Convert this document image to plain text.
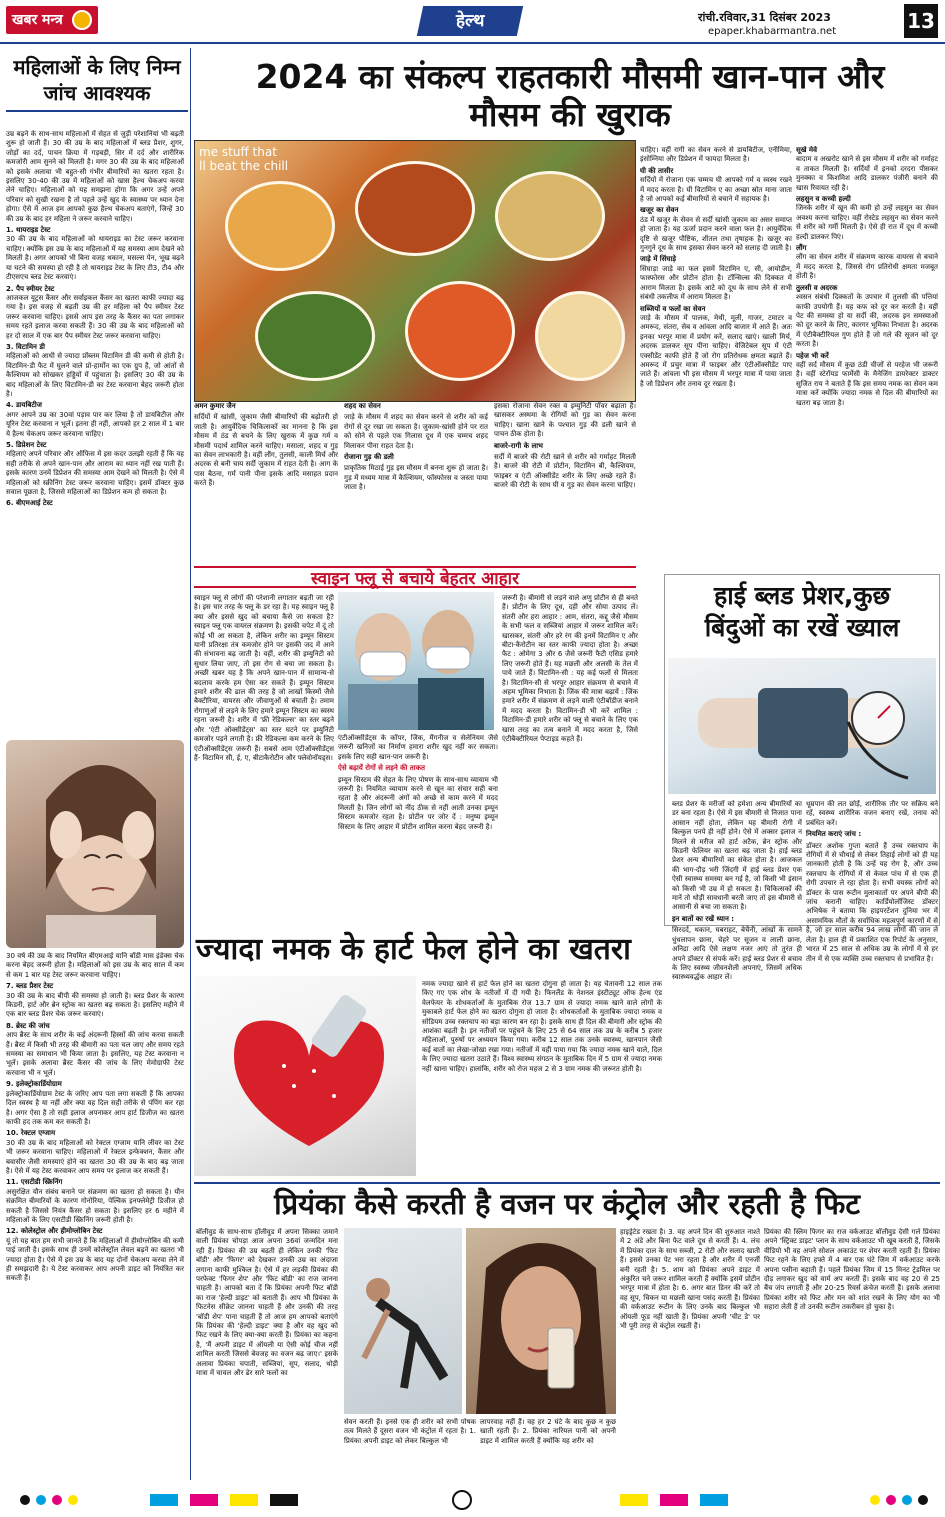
खबर मन्त्र	हेल्थ	रांची.रविवार,31 दिसंबर 2023
epaper.khabarmantra.net	13
महिलाओं के लिए निम्न जांच आवश्यक

उम्र बढ़ने के साथ-साथ महिलाओं में सेहत से जुड़ी परेशानियां भी बढ़ती शुरू हो जाती हैं। 30 की उम्र के बाद महिलाओं में ब्लड प्रैशर, शुगर, जोड़ों का दर्द, पाचन क्रिया में गड़बड़ी, सिर में दर्द और शारीरिक कमजोरी आम सुनने को मिलती है। मगर 30 की उम्र के बाद महिलाओं को इसके अलावा भी बहुत-सी गंभीर बीमारियों का खतरा रहता है। इसलिए 30-40 की उम्र में महिलाओं को खास हैल्थ चेकअप करवा लेने चाहिए। महिलाओं को यह समझना होगा कि अगर उन्हें अपने परिवार को सुखी रखना है तो पहले उन्हें खुद के स्वास्थ्य पर ध्यान देना होगा। ऐसे में आज हम आपको कुछ हैल्थ चेकअप बताएंगे, जिन्हें 30 की उम्र के बाद हर महिला ने जरूर करवाने चाहिए।

1. थायराइड टेस्ट
30 की उम्र के बाद महिलाओं को थायराइड का टेस्ट जरूर करवाना चाहिए। क्योंकि इस उम्र के बाद महिलाओं में यह समस्या आम देखने को मिलती है। अगर आपको भी बिना वजह थकान, मसल्स पेन, भूख बढ़ने या घटने की समस्या हो रही है तो थायराइड टेस्ट के लिए टी3, टी4 और टीएसएच ब्लड टेस्ट करवाएं।

2. पैप स्मीयर टेस्ट
आजकल यूट्रस कैंसर और सर्वाइकल कैंसर का खतरा काफी ज्यादा बढ़ गया है। इस वजह से बढ़ती उम्र की हर महिला को पैप स्मीयर टेस्ट जरूर करवाना चाहिए। इससे आप इस तरह के कैंसर का पता लगाकर समय रहते इलाज करवा सकती हैं। 30 की उम्र के बाद महिलाओं को हर दो साल में एक बार पैप स्मीयर टेस्ट जरूर करवाना चाहिए।

3. विटामिन डी
महिलाओं को आधी से ज्यादा प्रॉब्लम विटामिन डी की कमी से होती है। विटामिन-डी फैट में घुलने वाले प्रो-हार्मोन का एक ग्रुप है, जो आंतों से कैल्शियम को सोखकर हड्डियों में पहुंचाता है। इसलिए 30 की उम्र के बाद महिलाओं के लिए विटामिन-डी का टेस्ट करवाना बेहद जरूरी होता है।

4. डायबिटीज
अगर आपने उम्र का 30वां पड़ाव पार कर लिया है तो डायबिटीज और यूरिन टेस्ट करवाना न भूलें। इतना ही नहीं, आपको हर 2 साल में 1 बार ये हैल्थ चेकअप जरूर करवाना चाहिए।

5. डिप्रेशन टेस्ट
महिलाएं अपने परिवार और ऑफिस में इस कदर उलझी रहती हैं कि वह सही तरीके से अपने खान-पान और आराम का ध्यान नहीं रख पाती हैं। इसके कारण उनमें डिप्रेशन की समस्या आम देखने को मिलती है। ऐसे में महिलाओं को स्क्रीनिंग टेस्ट जरूर करवाना चाहिए। इसमें डॉक्टर कुछ सवाल पूछता है, जिससे महिलाओं का डिप्रेशन कम हो सकता है।

6. बीएमआई टेस्ट

30 वर्ष की उम्र के बाद नियमित बीएमआई यानि बॉडी मास इंडेक्स चेक करना बेहद जरूरी होता है। महिलाओं को इस उम्र के बाद साल में कम से कम 1 बार यह टेस्ट जरूर करवाना चाहिए।

7. ब्लड प्रैशर टेस्ट
30 की उम्र के बाद बीपी की समस्या हो जाती है। ब्लड प्रैशर के कारण किडनी, हार्ट और ब्रेन स्ट्रोक का खतरा बढ़ सकता है। इसलिए महीने में एक बार ब्लड प्रैशर चेक जरूर करवाएं।

8. ब्रेस्ट की जांच
आप ब्रैस्ट के साथ शरीर के कई अंदरूनी हिस्सों की जांच करवा सकती हैं। ब्रैस्ट में किसी भी तरह की बीमारी का पता चल जाए और समय रहते समस्या का समाधान भी किया जाता है। इसलिए, यह टेस्ट करवाना न भूलें। इसके अलावा ब्रैस्ट कैंसर की जांच के लिए मेमोग्राफी टेस्ट करवाना भी न भूलें।

9. इलेक्ट्रोकार्डियोग्राम
इलेक्ट्रोकार्डियोग्राम टेस्ट के जरिए आप पता लगा सकती हैं कि आपका दिल स्वस्थ है या नहीं और क्या वह दिल सही तरीके से पंपिंग कर रहा है। अगर ऐसा है तो सही इलाज अपनाकर आप हार्ट डिजीज का खतरा काफी हद तक कम कर सकती है।

10. रेक्टल एग्जाम
30 की उम्र के बाद महिलाओं को रेक्टल एग्जाम यानि लीवर का टेस्ट भी जरूर करवाना चाहिए। महिलाओं में रेक्टल इन्फेक्शन, कैंसर और बवासीर जैसी समस्याएं होने का खतरा 30 की उम्र के बाद बढ़ जाता है। ऐसे में यह टेस्ट करवाकर आप समय पर इलाज कर सकती हैं।

11. एसटीडी स्क्रिनिंग
असुरक्षित यौन संबंध बनाने पर संक्रमण का खतरा हो सकता है। यौन संक्रमित बीमारियों के कारण गोनोरिया, पेल्विक इनफ्लेमेट्री डिजीज हो सकती है जिससे नियंत्र कैंसर हो सकता है। इसलिए हर 6 महीने में महिलाओं के लिए एसटीडी स्क्रिनिंग जरूरी होती है।

12. कोलेस्ट्रोल और हीमोग्लोबिन टेस्ट
यूं तो यह बात हम सभी जानते हैं कि महिलाओं में हीमोग्लोबिन की कमी पाई जाती है। इसके साथ ही उनमें कोलेस्ट्रॉल लेवल बढ़ने का खतरा भी ज्यादा होता है। ऐसे में इस उम्र के बाद यह दोनों चेकअप करवा लेने में ही समझदारी है। ये टेस्ट करवाकर आप अपनी डाइट को नियंत्रित कर सकती हैं।

2024 का संकल्प राहतकारी मौसमी खान-पान और
मौसम की खुराक
me stuff that
ll beat the chill

अमन कुमार जैन

सर्दियों में खांसी, जुकाम जैसी बीमारियों की बढ़ोतरी हो जाती है। आयुर्वेदिक चिकित्सकों का मानना है कि इस मौसम में ठंड से बचने के लिए खुराक में कुछ गर्म व मौसमी पदार्थ शामिल करने चाहिए। मसाला, शहद व गुड़ का सेवन लाभकारी है। वहीं लौंग, तुलसी, काली मिर्च और अदरक से बनी चाय सर्दी जुकाम में राहत देती है। आग के पास बैठना, गर्म पानी पीना इसके आदि मसाहत प्रदान करते हैं।

शहद का सेवन

जाड़े के मौसम में शहद का सेवन करने से शरीर को कई रोगों से दूर रखा जा सकता है। जुकाम-खांसी होने पर रात को सोने से पहले एक गिलास दूध में एक चम्मच शहद मिलाकर पीना राहत देता है।

रोजाना गुड़ की डली

प्राकृतिक मिठाई गुड़ इस मौसम में बनना शुरू हो जाता है। गुड़ में मध्यम मात्रा में कैल्शियम, फॉस्फोरस व जस्ता पाया जाता है।

इसका रोजाना सेवन रक्त व इम्युनिटी पॉवर बढ़ाता है। खासकर अस्थमा के रोगियों को गुड़ का सेवन करना चाहिए। खाना खाने के पश्चात गुड़ की डली खाने से पाचन ठीक होता है।

बाजरे-रागी के लाभ

सर्दी में बाजरे की रोटी खाने से शरीर को गर्माहट मिलती है। बाजरे की रोटी में प्रोटीन, विटामिन बी, कैल्शियम, फाइबर व एंटी ऑक्सीडेंट शरीर के लिए अच्छे रहते हैं। बाजरे की रोटी के साथ घी व गुड़ का सेवन करना चाहिए।

चाहिए। वहीं रागी का सेवन करने से डायबिटीज, एनीमिया, इंसोम्निया और डिप्रेशन में फायदा मिलता है।

घी की तासीर
सर्दियों में रोजाना एक चम्मच घी आपको गर्म व स्वस्थ रखने में मदद करता है। घी विटामिन ए का अच्छा स्रोत माना जाता है जो आपको कई बीमारियों से बचाने में सहायक है।

खजूर का सेवन
ठंड में खजूर के सेवन से सर्दी खांसी जुकाम का असर समाप्त हो जाता है। यह ऊर्जा प्रदान करने वाला फल है। आयुर्वेदिक दृष्टि से खजूर पौष्टिक, शीतल तथा तृषाहक है। खजूर का गुनगुने दूध के साथ इसका सेवन करने को सलाह दी जाती है।

जाड़े में सिंघाड़े
सिंघाड़ा जाड़े का फल इसमें विटामिन ए, सी, आयोडीन, फास्फोरस और प्रोटीन होता है। टॉन्सिल्स की दिक्कत में आराम मिलता है। इसके आटे को दूध के साथ लेने से सभी संबंधी तकलीफ में आराम मिलता है।

सब्जियों व फलों का सेवन
जाड़े के मौसम में पालक, मेथी, मूली, गाजर, टमाटर व अमरूद, संतरा, सेब व आंवला आदि बाजार में आते हैं। अतः इनका भरपूर मात्रा में प्रयोग करें, सलाद खाएं। खाली मिर्च, अदरक डालकर सूप पीना चाहिए। वेजिटेबल सूप में एंटी एक्सीडेंट काफी होते हैं जो रोग प्रतिरोधक क्षमता बढ़ाते हैं। अमरूद में प्रचुर मात्रा में फाइबर और एंटीऑक्सीडेंट पाए जाते हैं। आंवला भी इस मौसम में भरपूर मात्रा में पाया जाता है जो डिप्रेशन और तनाव दूर रखता है।

सूखे मेवे
बादाम व अखरोट खाने से इस मौसम में शरीर को गर्माहट व ताकत मिलती है। सर्दियों में इनको दरदरा पीसकर मुनक्का व किशमिश आदि डालकर पंजीरी बनाने की खास रिवायत रही है।

लहसुन व कच्ची हल्दी
जिनके शरीर में खून की कमी हो उन्हें लहसुन का सेवन अवश्य करना चाहिए। वहीं रोस्टेड लहसुन का सेवन करने से शरीर को गर्मी मिलती है। ऐसे ही रात में दूध में कच्ची हल्दी डालकर पिएं।

लौंग
लौंग का सेवन शरीर में संक्रमण कारक वायरस से बचाने में मदद करता है, जिससे रोग प्रतिरोधी क्षमता मजबूत होती है।

तुलसी व अदरक
श्वसन संबंधी दिक्कतों के उपचार में तुलसी की पत्तियां काफी उपयोगी हैं। यह कफ को दूर कर करती है। वहीं पेट की समस्या हो या सर्दी की, अदरक इन समस्याओं को दूर करने के लिए, कारगर भूमिका निभाता है। अदरक में एंटीबैक्टीरियल गुण होते हैं जो गले की सूजन को दूर करता है।

पहेज भी करें
वहीं सर्द मौसम में कुछ ठंडी चीजों से परहेज भी जरूरी है। वहीं स्टेरॉयड फार्मेसी के मैनेजिंग डायरेक्टर डाक्टर सुजित राय ने बताते हैं कि इस समय नमक का सेवन कम मात्रा करें क्योंकि ज्यादा नमक से दिल की बीमारियों का खतरा बढ़ जाता है।

स्वाइन फ्लू से बचाये बेहतर आहार

स्वाइन फ्लू से लोगों की परेशानी लगातार बढ़ती जा रही है। इस चार तरह के फ्लू के डर रहा है। यह स्वाइन फ्लू है क्या और इससे खुद को बचाया कैसे जा सकता है? स्वाइन फ्लू एक वायरल संक्रमण है। इसकी चपेट में दूं तो कोई भी आ सकता है, लेकिन शरीर का इम्यून सिस्टम यानी प्रतिरक्षा तंत्र कमजोर होने पर इसकी जद में आने की संभावना बढ़ जाती है। वहीं, शरीर की इम्युनिटी को सुधार लिया जाए, तो इस रोग से बचा जा सकता है। अच्छी खबर यह है कि अपने खान-पान में सामान्य-से बदलाव करके हम ऐसा कर सकते हैं। इम्यून सिस्टम हमारे शरीर की ढाल की तरह है जो लाखों किस्मों जैसे बैक्टीरिया, वायरस और जीवाणुओं से बचाती है। तमाम रोगाणुओं से लड़ने के लिए हमारे इम्यून सिस्टम का स्वस्थ रहना जरूरी है। शरीर में 'फ्री रेडिकल्स' का स्तर बढ़ने और 'एंटी ऑक्सीडेंट्स' का स्तर घटने पर इम्युनिटी कमजोर पड़ने लगती है। फ्री रेडिकल्स कम करने के लिए एंटीऑक्सीडेंट्स जरूरी हैं। सबसे आम एंटीऑक्सीडेंट्स हैं- विटामिन सी, ई, ए, बीटाकैरोटीन और फ्लेवोनॉयड्स।

एंटीऑक्सीडेंट्स के कॉपर, जिंक, मैंगनीज व सेलेनियम जैसे जरूरी खनिजों का निर्माण हमारा शरीर खुद नहीं कर सकता। इसके लिए सही खान-पान जरूरी है।

ऐसे बढ़ायें रोगों से लड़ने की ताकत

इम्यून सिस्टम की सेहत के लिए पोषण के साथ-साथ व्यायाम भी जरूरी है। नियमित व्यायाम करने से खून का संचार सही बना रहता है और अंदरूनी अंगों को अच्छे से काम करने में मदद मिलती है। जिन लोगों को नींद ठीक से नहीं आती उनका इम्यून सिस्टम कमजोर रहता है। प्रोटीन पर जोर दें : मनुष्य इम्यून सिस्टम के लिए आहार में प्रोटीन शामिल करना बेहद जरूरी है।

जरूरी है। बीमारी से लड़ने वाले अणु प्रोटीन से ही बनते हैं। प्रोटीन के लिए दूध, दही और सोया उत्पाद लें। संतरी और हरा आहार : आम, संतरा, कद्दू जैसे मौसम के सभी फल व सब्जियां आहार में जरूर शामिल करें। खासकर, संतरी और हरे रंग की इनमें विटामिन ए और बीटा-कैरोटीन का स्तर काफी ज्यादा होता है। अच्छा फैट : ओमेगा 3 और 6 जैसे जरूरी फैटी एसिड हमारे लिए जरूरी होते हैं। यह मछली और अलसी के तेल में पाये जाते हैं। विटामिन-सी : यह कई फलों से मिलता है। विटामिन-सी से भरपूर आहार संक्रमण से बचाने में अहम भूमिका निभाता है। जिंक की मात्रा बढ़ायें : जिंक हमारे शरीर में संक्रमण से लड़ने वाली एंटीबॉडीज बनाने में मदद करता है। विटामिन-डी भी करें शामिल : विटामिन-डी हमारे शरीर को फ्लू से बचाने के लिए एक खास तरह का तत्व बनाने में मदद करता है, जिसे एंटीबैक्टीरियल पेप्टाइड कहते हैं।

हाई ब्लड प्रेशर,कुछ
बिंदुओं का रखें ख्याल

ब्लड प्रेशर के मरीजों को हमेशा अन्य बीमारियों का डर बना रहता है। ऐसे में इस बीमारी से निजात पाना आसान नहीं होता, लेकिन यह बीमारी रोगी में बिल्कुल पनपे ही नहीं होने। ऐसे में अक्सर इलाज न मिलने से मरीज को हार्ट अटैक, ब्रेन स्ट्रोक और किडनी फेलियर का खतरा बढ़ जाता है। हाई ब्लड प्रेशर अन्य बीमारियों का संकेत होता है। आजकल की भाग-दौड़ भरी जिंदगी में हाई ब्लड प्रेशर एक ऐसी स्वास्थ्य समस्या बन गई है, जो किसी भी इंसान को किसी भी उम्र में हो सकता है। चिकित्सकों की मानें तो थोड़ी सावधानी बरती जाए तो इस बीमारी से आसानी से बचा जा सकता है।

इन बातों का रखें ध्यान :

सिरदर्द, थकान, घबराहट, बेचैनी, आंखों के सामने धुंधलापन छाना, चेहरे पर सूजन व लाली छाना, अनिद्रा आदि ऐसे लक्षण नजर आएं तो तुरंत ही अपने डॉक्टर से संपर्क करें। हाई ब्लड प्रेशर से बचाव के लिए स्वस्थ्य जीवनशैली अपनाएं, जिसमें अधिक स्वास्थ्यवर्द्धक आहार लें।

धूम्रपान की लत छोड़ें, शारीरिक तौर पर सक्रिय बने रहें, स्वस्थ्य शारीरिक वजन बनाए रखें, तनाव को प्रबंधित करें।

नियमित कराएं जांच :

डॉक्टर अशोक गुप्ता बताते हैं उच्च रक्तचाप के रोगियों में से चौथाई से लेकर तिहाई लोगों को ही यह जानकारी होती है कि उन्हें यह रोग है, और उच्च रक्तचाप के रोगियों में से केवल पांच में से एक ही रोगी उपचार ले रहा होता है। सभी वयस्क लोगों को डॉक्टर के पास रूटीन मुलाकातों पर अपने बीपी की जांच करानी चाहिए। कार्डियोलॉजिस्ट डॉक्टर अभिषेक ने बताया कि हाइपरटेंशन दुनिया भर में असामयिक मौतों के सर्वाधिक महत्वपूर्ण कारणों में से है, जो हर साल करीब 94 लाख लोगों की जान ले लेता है। हाल ही में प्रकाशित एक रिपोर्ट के अनुसार, भारत में 25 साल से अधिक उम्र के लोगों में से हर तीन में से एक व्यक्ति उच्च रक्तचाप से प्रभावित है।

ज्यादा नमक के हार्ट फेल होने का खतरा

नमक ज्यादा खाने से हार्ट फेल होने का खतरा दोगुना हो जाता है। यह चेतावनी 12 साल तक किए गए एक शोध के नतीजों में दी गयी है। फिनलैंड के नेशनल इंस्टीट्यूट ऑफ हेल्थ एंड वेलफेयर के शोधकर्ताओं के मुताबिक रोज 13.7 ग्राम से ज्यादा नमक खाने वाले लोगों के मुकाबले हार्ट फेल होने का खतरा दोगुना हो जाता है। शोधकर्ताओं के मुताबिक ज्यादा नमक व सोडियम उच्च रक्तचाप का बड़ा कारण बन रहा है। इसके साथ ही दिल की बीमारी और स्ट्रोक की आशंका बढ़ती है। इन नतीजों पर पहुंचने के लिए 25 से 64 साल तक उम्र के करीब 5 हजार महिलाओं, पुरुषों पर अध्ययन किया गया। करीब 12 साल तक उनके स्वास्थ्य, खानपान जैसी कई बातों का लेखा-जोखा रखा गया। नतीजों में यही पाया गया कि ज्यादा नमक खाने वाले, दिल के लिए ज्यादा खतरा उठाते हैं। विश्व स्वास्थ्य संगठन के मुताबिक दिन में 5 ग्राम से ज्यादा नमक नहीं खाना चाहिए। हालांकि, शरीर को रोज महज 2 से 3 ग्राम नमक की जरूरत होती है।

प्रियंका कैसे करती है वजन पर कंट्रोल और रहती है फिट

बॉलीवुड के साथ-साथ हॉलीवुड में अपना सिक्का जमाने वाली प्रियंका चोपड़ा आज अपना 36वां जन्मदिन मना रही हैं। प्रियंका की उम्र बढ़ती ही लेकिन उनकी 'फिट बॉडी' और 'फिगर' को देखकर उनकी उम्र का अंदाजा लगाना काफी मुश्किल है। ऐसे में हर लड़की प्रियंका की परफेक्ट 'फिगर शेप' और 'फिट बॉडी' का राज जानना चाहती है। आपको बता दें कि प्रियंका अपनी फिट बॉडी का राज 'हेल्दी डाइट' को बताती हैं। आप भी प्रियंका के फिटनेस सीक्रेट जानना चाहती हैं और उनकी की तरह 'बॉडी शेप' पाना चाहती हैं तो आज हम आपको बताएंगे कि प्रियंका की 'हेल्दी डाइट' क्या है और वह खुद को फिट रखने के लिए क्या-क्या करती हैं। प्रियंका का कहना है, 'मैं अपनी डाइट में ऑयली या ऐसी कोई चीज नहीं शामिल करती जिससे बेवजह का वजन बढ़ जाए।' इसके अलावा प्रियंका चपाती, सब्जियां, सूप, सलाद, थोड़ी मात्रा में चावल और ढेर सारे फलों का

सेवन करती हैं। इनसे एक ही शरीर को सभी पोषक तत्व मिलते हैं दूसरा वजन भी कंट्रोल में रहता है। 1. प्रियंका अपनी डाइट को लेकर बिल्कुल भी

लापरवाह नहीं हैं। वह हर 2 घंटे के बाद कुछ न कुछ खाती रहती हैं। 2. प्रियंका नारियल पानी को अपनी डाइट में शामिल करती हैं क्योंकि यह शरीर को

हाइड्रेटेड रखता है। 3. वह अपने दिन की शुरुआत नाश्ते में 2 अंडे और बिना फैट वाले दूध से करती हैं। 4. लंच में प्रियंका दाल के साथ सब्जी, 2 रोटी और सलाद खाती हैं। इससे उनका पेट भरा रहता है और शरीर में एनर्जी बनी रहती है। 5. शाम को प्रियंका अपने डाइट में अंकुरित चने जरूर शामिल करती हैं क्योंकि इसमें प्रोटीन भरपूर मात्रा में होता है। 6. अगर बात डिनर की करें तो वह सूप, चिकन या मछली खाना पसंद करती हैं। प्रियंका की वर्कआउट रूटीन के लिए उनके बाद बिल्कुल भी ऑयली फूड नहीं खाती हैं। प्रियंका अपनी 'चीट डे' पर भी पूरी तरह से कंट्रोल रखती हैं।

प्रियंका की स्लिम फिगर का राज वर्कआउट बॉलीवुड देसी गर्ल प्रियंका अपने 'स्ट्रिक्ट डाइट' प्लान के साथ वर्कआउट भी खूब करती हैं, जिसके वीडियो भी वह अपने सोशल अकाउंट पर शेयर करती रहती हैं। प्रियंका फिट रहने के लिए हफ्ते में 4 बार एक घंटे जिम में वर्कआउट करके अपना पसीना बहाती हैं। पहले प्रियंका जिम में 15 मिनट ट्रेडमिल पर दौड़ लगाकर खुद को वार्म अप करती हैं। इसके बाद वह 20 से 25 बैंच जंप लगाती हैं और 20-25 रिवर्स क्रंचेज करती हैं। इसके अलावा प्रियंका शरीर को फिट और मन को शांत रखने के लिए योग का भी सहारा लेती हैं तो उनकी रूटीन तकरीबन हो चुका है।
